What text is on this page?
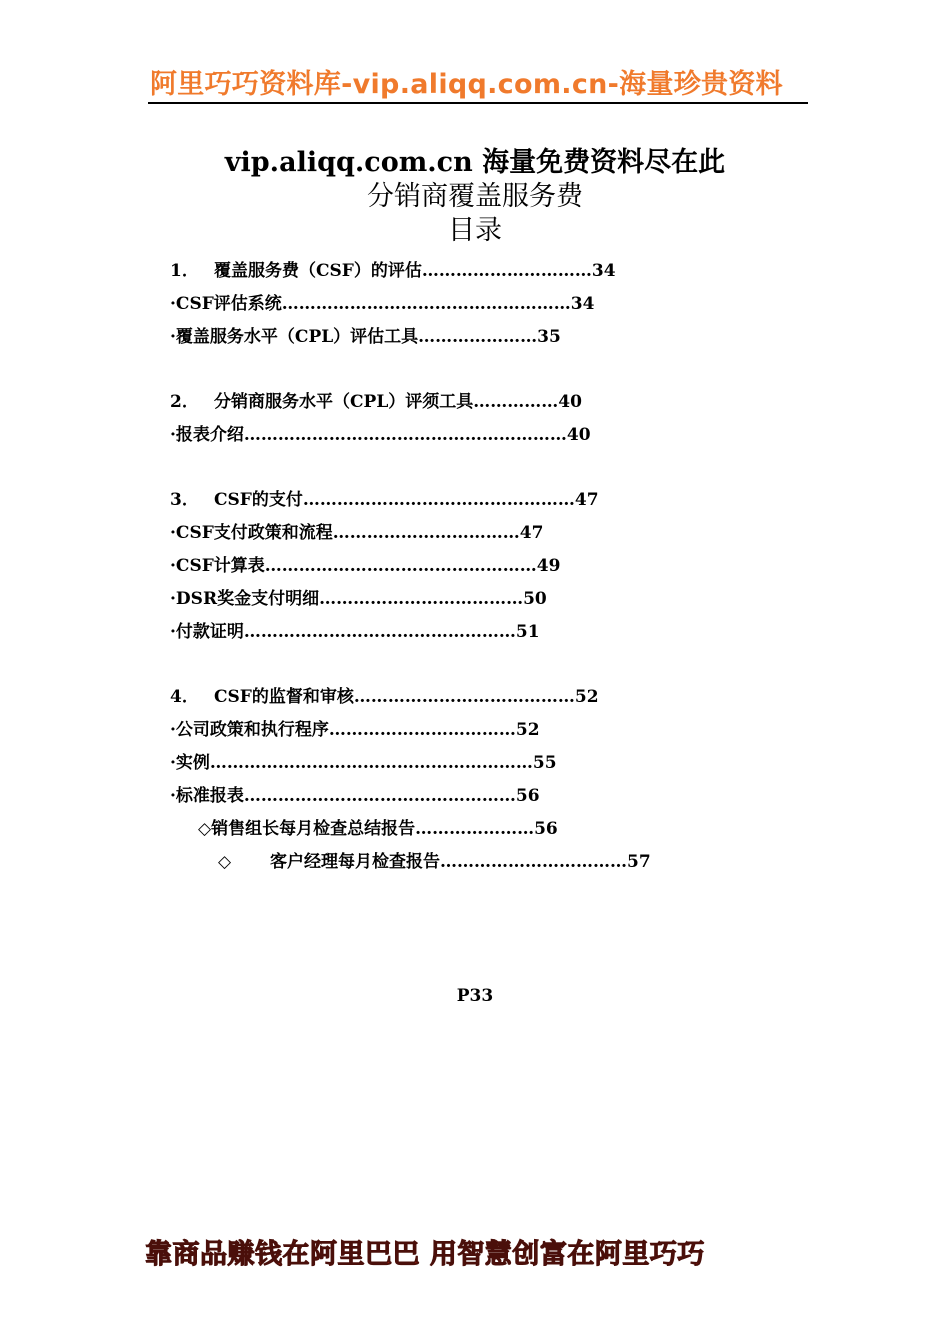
阿里巧巧资料库-vip.aliqq.com.cn-海量珍贵资料
vip.aliqq.com.cn 海量免费资料尽在此
分销商覆盖服务费
目录
1． 覆盖服务费（CSF）的评估…………………………34
·CSF评估系统……………………………………………34
·覆盖服务水平（CPL）评估工具…………………35
2． 分销商服务水平（CPL）评须工具……………40
·报表介绍…………………………………………………40
3． CSF的支付…………………………………………47
·CSF支付政策和流程……………………………47
·CSF计算表…………………………………………49
·DSR奖金支付明细………………………………50
·付款证明…………………………………………51
4． CSF的监督和审核…………………………………52
·公司政策和执行程序……………………………52
·实例…………………………………………………55
·标准报表…………………………………………56
◇销售组长每月检查总结报告…………………56
◇ 客户经理每月检查报告……………………………57
P33
靠商品赚钱在阿里巴巴 用智慧创富在阿里巧巧
